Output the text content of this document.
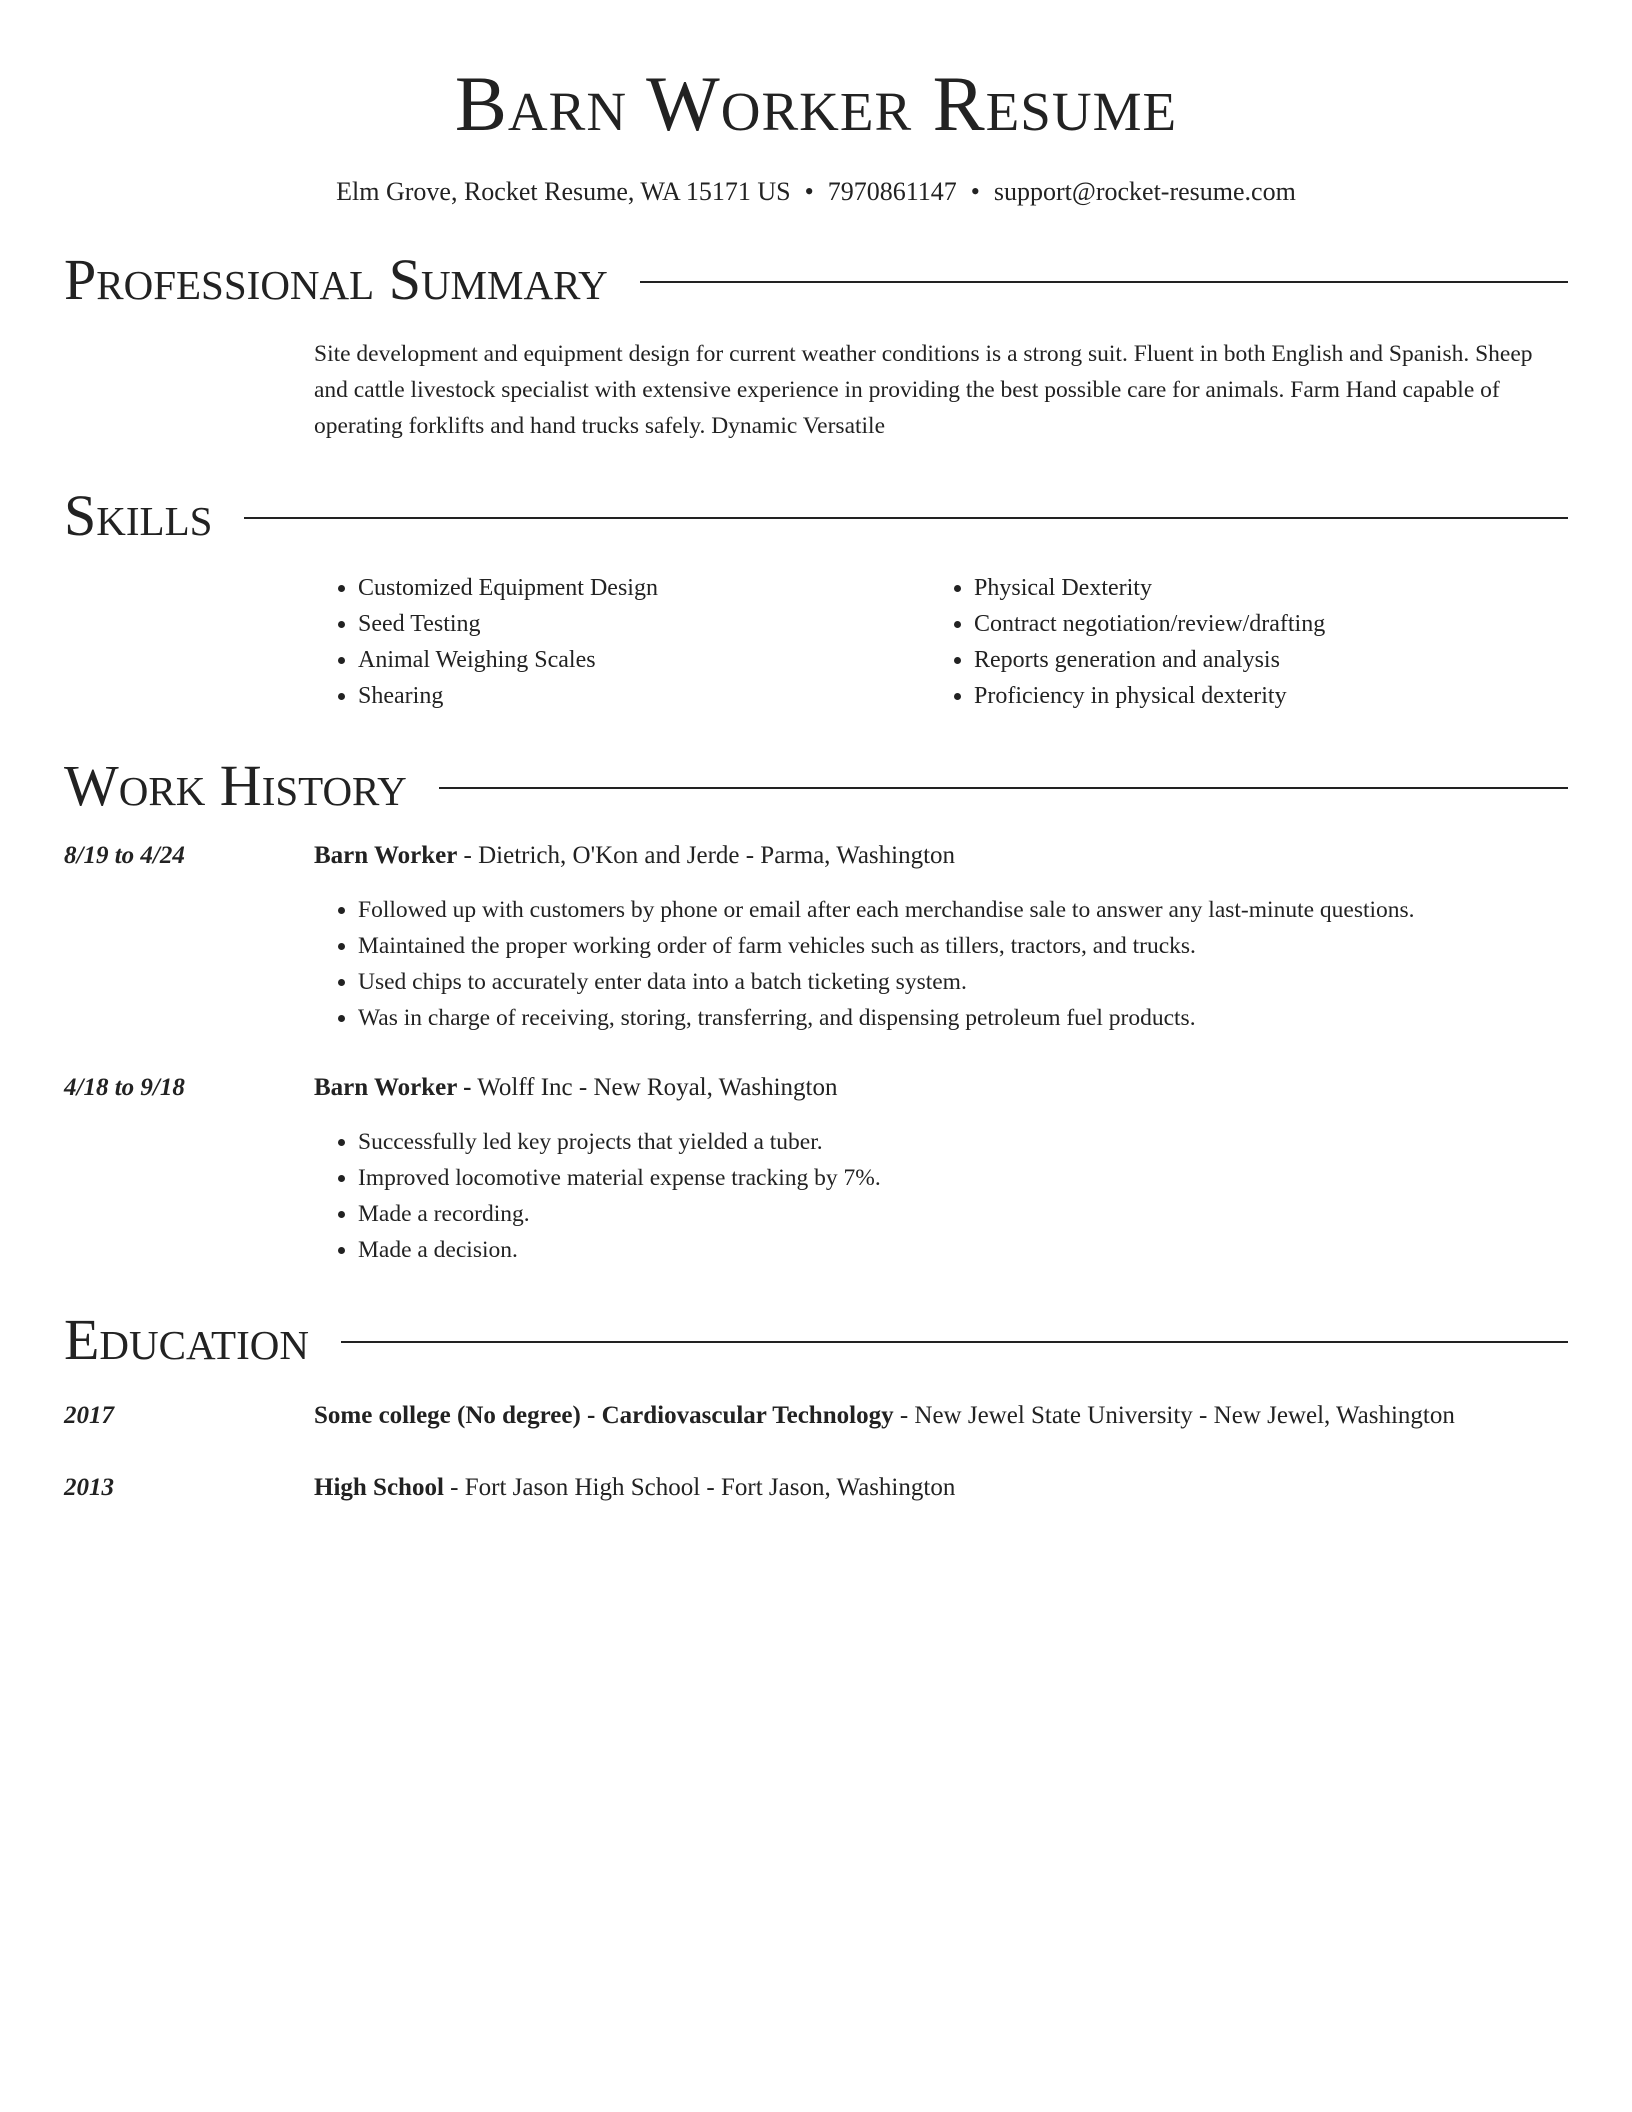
Barn Worker Resume
Elm Grove, Rocket Resume, WA 15171 US • 7970861147 • support@rocket-resume.com
Professional Summary
Site development and equipment design for current weather conditions is a strong suit. Fluent in both English and Spanish. Sheep and cattle livestock specialist with extensive experience in providing the best possible care for animals. Farm Hand capable of operating forklifts and hand trucks safely. Dynamic Versatile
Skills
• Customized Equipment Design
• Seed Testing
• Animal Weighing Scales
• Shearing
• Physical Dexterity
• Contract negotiation/review/drafting
• Reports generation and analysis
• Proficiency in physical dexterity
Work History
8/19 to 4/24	Barn Worker - Dietrich, O'Kon and Jerde - Parma, Washington
• Followed up with customers by phone or email after each merchandise sale to answer any last-minute questions.
• Maintained the proper working order of farm vehicles such as tillers, tractors, and trucks.
• Used chips to accurately enter data into a batch ticketing system.
• Was in charge of receiving, storing, transferring, and dispensing petroleum fuel products.
4/18 to 9/18	Barn Worker - Wolff Inc - New Royal, Washington
• Successfully led key projects that yielded a tuber.
• Improved locomotive material expense tracking by 7%.
• Made a recording.
• Made a decision.
Education
2017	Some college (No degree) - Cardiovascular Technology - New Jewel State University - New Jewel, Washington
2013	High School - Fort Jason High School - Fort Jason, Washington
